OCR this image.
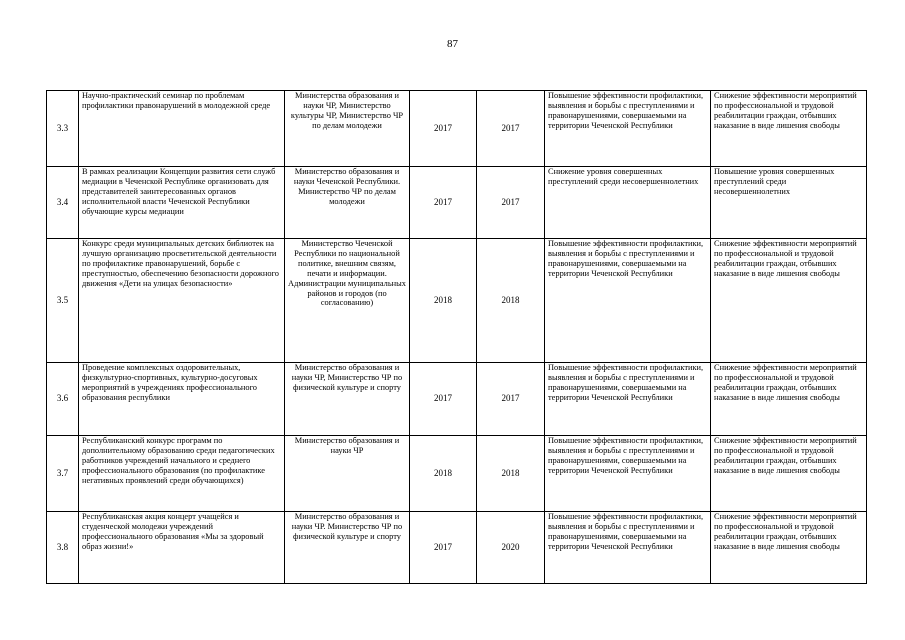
87
3.3	Научно-практический семинар по проблемам профилактики правонарушений в молодежной среде	Министерства образования и науки ЧР, Министерство культуры ЧР, Министерство ЧР по делам молодежи	2017	2017	Повышение эффективности профилактики, выявления и борьбы с преступлениями и правонарушениями, совершаемыми на территории Чеченской Республики	Снижение эффективности мероприятий по профессиональной и трудовой реабилитации граждан, отбывших наказание в виде лишения свободы
3.4	В рамках реализации Концепции развития сети служб медиации в Чеченской Республике организовать для представителей заинтересованных органов исполнительной власти Чеченской Республики обучающие курсы медиации	Министерство образования и науки Чеченской Республики. Министерство ЧР по делам молодежи	2017	2017	Снижение уровня совершенных преступлений среди несовершеннолетних	Повышение уровня совершенных преступлений среди несовершеннолетних
3.5	Конкурс среди муниципальных детских библиотек на лучшую организацию просветительской деятельности по профилактике правонарушений, борьбе с преступностью, обеспечению безопасности дорожного движения «Дети на улицах безопасности»	Министерство Чеченской Республики по национальной политике, внешним связям, печати и информации. Администрации муниципальных районов и городов (по согласованию)	2018	2018	Повышение эффективности профилактики, выявления и борьбы с преступлениями и правонарушениями, совершаемыми на территории Чеченской Республики	Снижение эффективности мероприятий по профессиональной и трудовой реабилитации граждан, отбывших наказание в виде лишения свободы
3.6	Проведение комплексных оздоровительных, физкультурно-спортивных, культурно-досуговых мероприятий в учреждениях профессионального образования республики	Министерство образования и науки ЧР, Министерство ЧР по физической культуре и спорту	2017	2017	Повышение эффективности профилактики, выявления и борьбы с преступлениями и правонарушениями, совершаемыми на территории Чеченской Республики	Снижение эффективности мероприятий по профессиональной и трудовой реабилитации граждан, отбывших наказание в виде лишения свободы
3.7	Республиканский конкурс программ по дополнительному образованию среди педагогических работников учреждений начального и среднего профессионального образования (по профилактике негативных проявлений среди обучающихся)	Министерство образования и науки ЧР	2018	2018	Повышение эффективности профилактики, выявления и борьбы с преступлениями и правонарушениями, совершаемыми на территории Чеченской Республики	Снижение эффективности мероприятий по профессиональной и трудовой реабилитации граждан, отбывших наказание в виде лишения свободы
3.8	Республиканская акция концерт учащейся и студенческой молодежи учреждений профессионального образования «Мы за здоровый образ жизни!»	Министерство образования и науки ЧР. Министерство ЧР по физической культуре и спорту	2017	2020	Повышение эффективности профилактики, выявления и борьбы с преступлениями и правонарушениями, совершаемыми на территории Чеченской Республики	Снижение эффективности мероприятий по профессиональной и трудовой реабилитации граждан, отбывших наказание в виде лишения свободы
